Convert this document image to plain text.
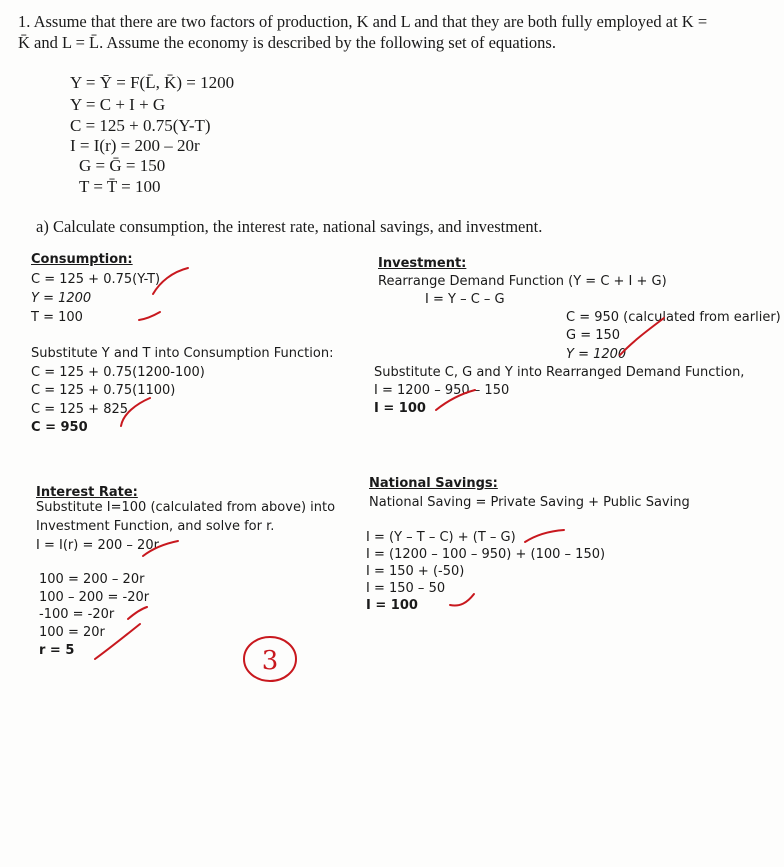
1. Assume that there are two factors of production, K and L and that they are both fully employed at K =
K̄ and L = L̄. Assume the economy is described by the following set of equations.
Y = Ȳ = F(L̄, K̄) = 1200
Y = C + I + G
C = 125 + 0.75(Y-T)
I = I(r) = 200 – 20r
G = Ḡ = 150
T = T̄ = 100
a) Calculate consumption, the interest rate, national savings, and investment.
Consumption:
C = 125 + 0.75(Y-T)
Y = 1200
T = 100
Substitute Y and T into Consumption Function:
C = 125 + 0.75(1200-100)
C = 125 + 0.75(1100)
C = 125 + 825
C = 950
Investment:
Rearrange Demand Function (Y = C + I + G)
I = Y – C – G
C = 950 (calculated from earlier)
G = 150
Y = 1200
Substitute C, G and Y into Rearranged Demand Function,
I = 1200 – 950 – 150
I = 100
Interest Rate:
Substitute I=100 (calculated from above) into
Investment Function, and solve for r.
I = I(r) = 200 – 20r
100 = 200 – 20r
100 – 200 = -20r
-100 = -20r
100 = 20r
r = 5
National Savings:
National Saving = Private Saving + Public Saving
I = (Y – T – C) + (T – G)
I = (1200 – 100 – 950) + (100 – 150)
I = 150 + (-50)
I = 150 – 50
I = 100
3
